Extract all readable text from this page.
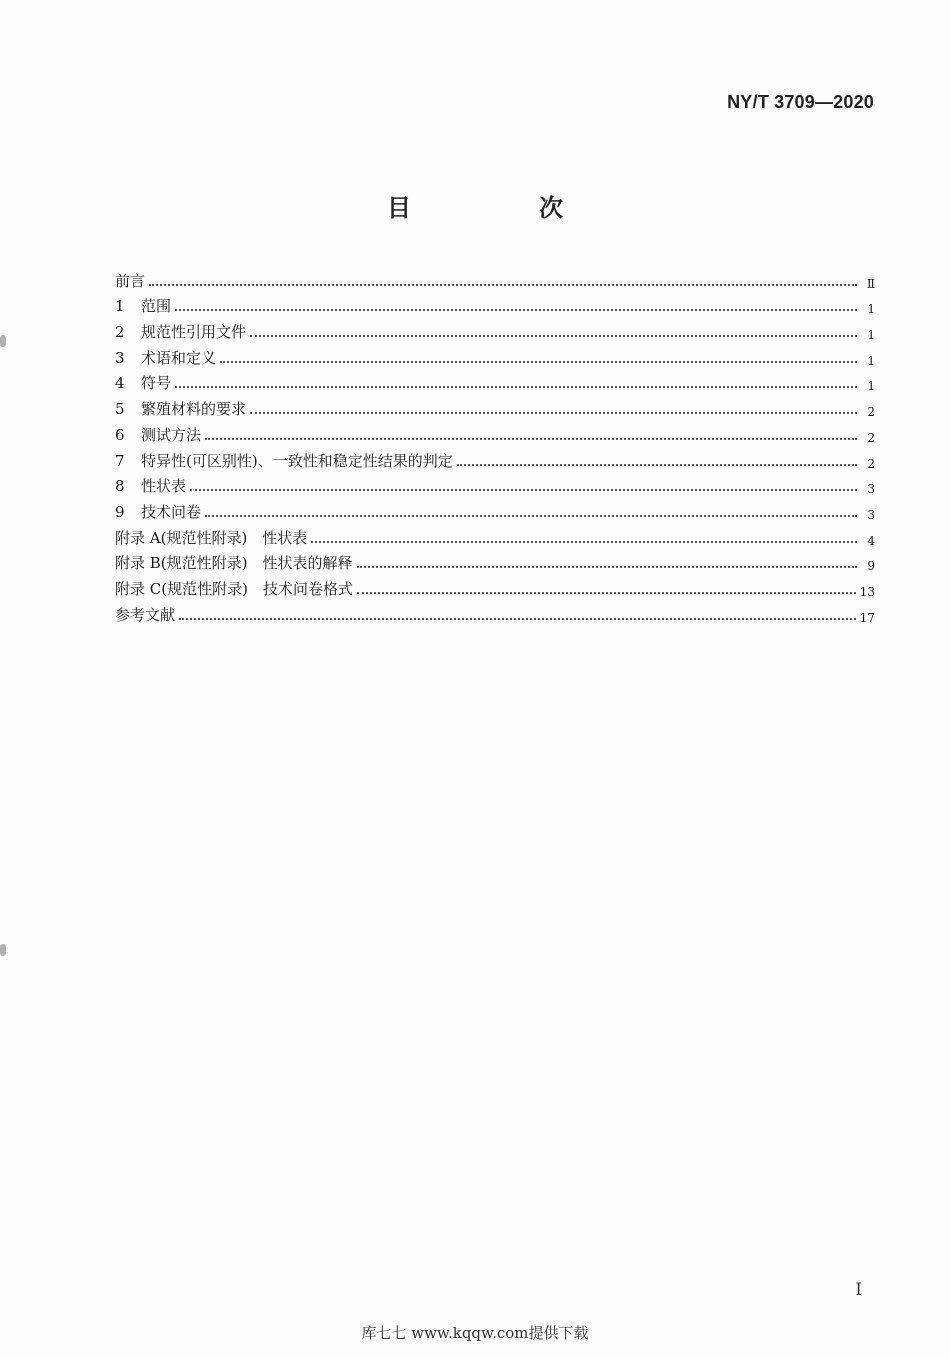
NY/T 3709—2020
目　次
前言	Ⅱ
1	范围	1
2	规范性引用文件	1
3	术语和定义	1
4	符号	1
5	繁殖材料的要求	2
6	测试方法	2
7	特异性(可区别性)、一致性和稳定性结果的判定	2
8	性状表	3
9	技术问卷	3
附录 A(规范性附录)　性状表	4
附录 B(规范性附录)　性状表的解释	9
附录 C(规范性附录)　技术问卷格式	13
参考文献	17
I
库七七 www.kqqw.com提供下载
